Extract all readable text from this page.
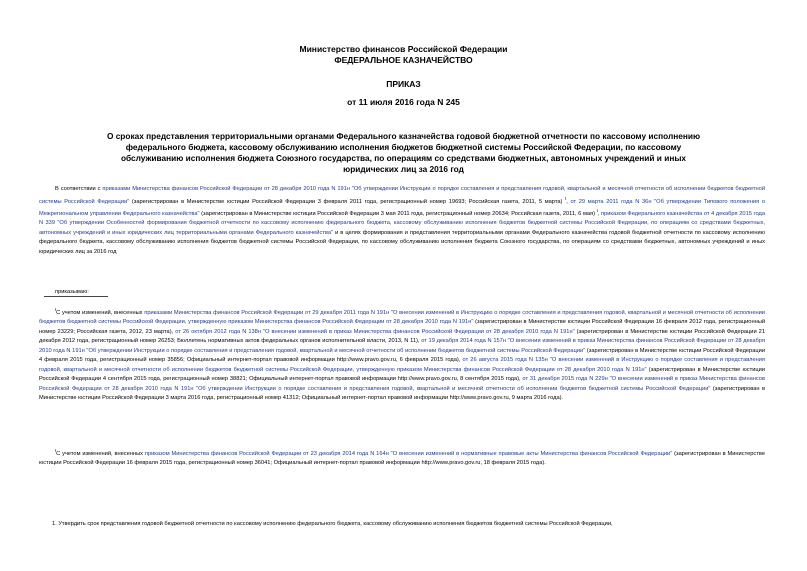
Министерство финансов Российской Федерации
ФЕДЕРАЛЬНОЕ КАЗНАЧЕЙСТВО
ПРИКАЗ
от 11 июля 2016 года N 245
О сроках представления территориальными органами Федерального казначейства годовой бюджетной отчетности по кассовому исполнению федерального бюджета, кассовому обслуживанию исполнения бюджетов бюджетной системы Российской Федерации, по кассовому обслуживанию исполнения бюджета Союзного государства, по операциям со средствами бюджетных, автономных учреждений и иных юридических лиц за 2016 год
В соответствии с приказами Министерства финансов Российской Федерации от 28 декабря 2010 года N 191н "Об утверждении Инструкции о порядке составления и представления годовой, квартальной и месячной отчетности об исполнении бюджетов бюджетной системы Российской Федерации" (зарегистрирован в Министерстве юстиции Российской Федерации 3 февраля 2011 года, регистрационный номер 19693; Российская газета, 2011, 5 марта) ι, от 29 марта 2011 года N 36н "Об утверждении Типового положения о Межрегиональном управлении Федерального казначейства" (зарегистрирован в Министерстве юстиции Российской Федерации 3 мая 2011 года, регистрационный номер 20634; Российская газета, 2011, 6 мая) ι, приказом Федерального казначейства от 4 декабря 2015 года N 339 "Об утверждении Особенностей формирования бюджетной отчетности по кассовому исполнению федерального бюджета, кассовому обслуживанию исполнения бюджетов бюджетной системы Российской Федерации, по операциям со средствами бюджетных, автономных учреждений и иных юридических лиц территориальными органами Федерального казначейства" и в целях формирования и представления территориальными органами Федерального казначейства годовой бюджетной отчетности по кассовому исполнению федерального бюджета, кассовому обслуживанию исполнения бюджетов бюджетной системы Российской Федерации, по кассовому обслуживанию исполнения бюджета Союзного государства, по операциям со средствами бюджетных, автономных учреждений и иных юридических лиц за 2016 год
приказываю:
ιС учетом изменений, внесенных приказами Министерства финансов Российской Федерации от 29 декабря 2011 года N 191н "О внесении изменений в Инструкцию о порядке составления и представления годовой, квартальной и месячной отчетности об исполнении бюджетов бюджетной системы Российской Федерации, утвержденную приказом Министерства финансов Российской Федерации от 28 декабря 2010 года N 191н" (зарегистрирован в Министерстве юстиции Российской Федерации 16 февраля 2012 года, регистрационный номер 23229; Российская газета, 2012, 23 марта), от 26 октября 2012 года N 138н "О внесении изменений в приказ Министерства финансов Российской Федерации от 28 декабря 2010 года N 191н" (зарегистрирован в Министерстве юстиции Российской Федерации 21 декабря 2012 года, регистрационный номер 26253; Бюллетень нормативных актов федеральных органов исполнительной власти, 2013, N 11), от 19 декабря 2014 года N 157н "О внесении изменений в приказ Министерства финансов Российской Федерации от 28 декабря 2010 года N 191н "Об утверждении Инструкции о порядке составления и представления годовой, квартальной и месячной отчетности об исполнении бюджетов бюджетной системы Российской Федерации" (зарегистрирован в Министерстве юстиции Российской Федерации 4 февраля 2015 года, регистрационный номер 35856; Официальный интернет-портал правовой информации http://www.pravo.gov.ru, 6 февраля 2015 года), от 26 августа 2015 года N 135н "О внесении изменений в Инструкцию о порядке составления и представления годовой, квартальной и месячной отчетности об исполнении бюджетов бюджетной системы Российской Федерации, утвержденную приказом Министерства финансов Российской Федерации от 28 декабря 2010 года N 191н" (зарегистрирован в Министерстве юстиции Российской Федерации 4 сентября 2015 года, регистрационный номер 38821; Официальный интернет-портал правовой информации http://www.pravo.gov.ru, 8 сентября 2015 года), от 31 декабря 2015 года N 229н "О внесении изменений в приказ Министерства финансов Российской Федерации от 28 декабря 2010 года N 191н "Об утверждении Инструкции о порядке составления и представления годовой, квартальной и месячной отчетности об исполнении бюджетов бюджетной системы Российской Федерации" (зарегистрирован в Министерстве юстиции Российской Федерации 3 марта 2016 года, регистрационный номер 41312; Официальный интернет-портал правовой информации http://www.pravo.gov.ru, 9 марта 2016 года).
ιС учетом изменений, внесенных приказом Министерства финансов Российской Федерации от 23 декабря 2014 года N 164н "О внесении изменений в нормативные правовые акты Министерства финансов Российской Федерации" (зарегистрирован в Министерстве юстиции Российской Федерации 16 февраля 2015 года, регистрационный номер 36041; Официальный интернет-портал правовой информации http://www.pravo.gov.ru, 18 февраля 2015 года).
1. Утвердить срок представления годовой бюджетной отчетности по кассовому исполнению федерального бюджета, кассовому обслуживанию исполнения бюджетов бюджетной системы Российской Федерации,
